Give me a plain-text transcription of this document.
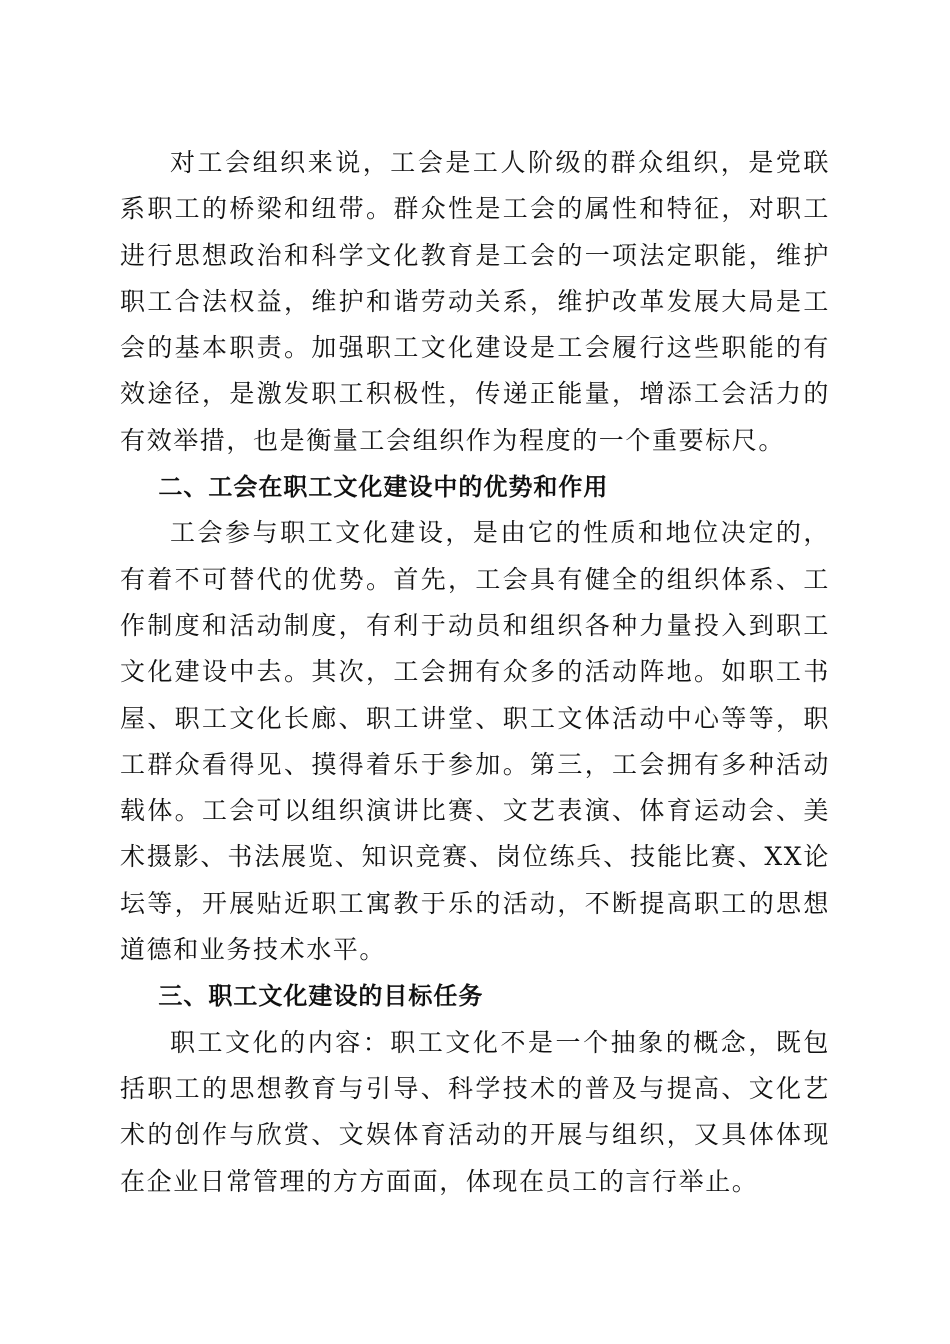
对工会组织来说，工会是工人阶级的群众组织，是党联系职工的桥梁和纽带。群众性是工会的属性和特征，对职工进行思想政治和科学文化教育是工会的一项法定职能，维护职工合法权益，维护和谐劳动关系，维护改革发展大局是工会的基本职责。加强职工文化建设是工会履行这些职能的有效途径，是激发职工积极性，传递正能量，增添工会活力的有效举措，也是衡量工会组织作为程度的一个重要标尺。

二、工会在职工文化建设中的优势和作用

工会参与职工文化建设，是由它的性质和地位决定的，有着不可替代的优势。首先，工会具有健全的组织体系、工作制度和活动制度，有利于动员和组织各种力量投入到职工文化建设中去。其次，工会拥有众多的活动阵地。如职工书屋、职工文化长廊、职工讲堂、职工文体活动中心等等，职工群众看得见、摸得着乐于参加。第三，工会拥有多种活动载体。工会可以组织演讲比赛、文艺表演、体育运动会、美术摄影、书法展览、知识竞赛、岗位练兵、技能比赛、XX论坛等，开展贴近职工寓教于乐的活动，不断提高职工的思想道德和业务技术水平。

三、职工文化建设的目标任务

职工文化的内容：职工文化不是一个抽象的概念，既包括职工的思想教育与引导、科学技术的普及与提高、文化艺术的创作与欣赏、文娱体育活动的开展与组织，又具体体现在企业日常管理的方方面面，体现在员工的言行举止。
